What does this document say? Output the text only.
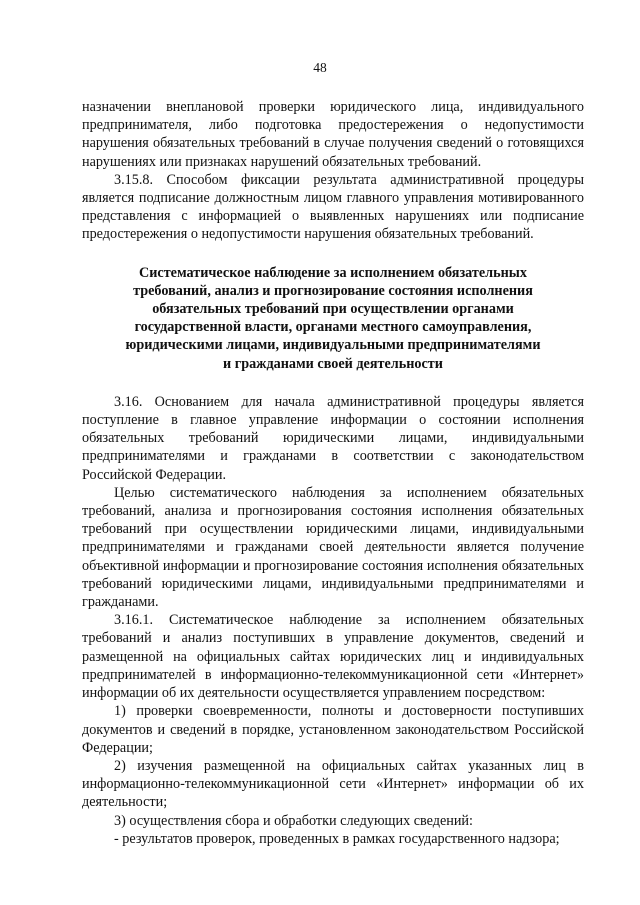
48

назначении внеплановой проверки юридического лица, индивидуального предпринимателя, либо подготовка предостережения о недопустимости нарушения обязательных требований в случае получения сведений о готовящихся нарушениях или признаках нарушений обязательных требований.

3.15.8. Способом фиксации результата административной процедуры является подписание должностным лицом главного управления мотивированного представления с информацией о выявленных нарушениях или подписание предостережения о недопустимости нарушения обязательных требований.

Систематическое наблюдение за исполнением обязательных
требований, анализ и прогнозирование состояния исполнения
обязательных требований при осуществлении органами
государственной власти, органами местного самоуправления,
юридическими лицами, индивидуальными предпринимателями
и гражданами своей деятельности

3.16. Основанием для начала административной процедуры является поступление в главное управление информации о состоянии исполнения обязательных требований юридическими лицами, индивидуальными предпринимателями и гражданами в соответствии с законодательством Российской Федерации.

Целью систематического наблюдения за исполнением обязательных требований, анализа и прогнозирования состояния исполнения обязательных требований при осуществлении юридическими лицами, индивидуальными предпринимателями и гражданами своей деятельности является получение объективной информации и прогнозирование состояния исполнения обязательных требований юридическими лицами, индивидуальными предпринимателями и гражданами.

3.16.1. Систематическое наблюдение за исполнением обязательных требований и анализ поступивших в управление документов, сведений и размещенной на официальных сайтах юридических лиц и индивидуальных предпринимателей в информационно-телекоммуникационной сети «Интернет» информации об их деятельности осуществляется управлением посредством:

1) проверки своевременности, полноты и достоверности поступивших документов и сведений в порядке, установленном законодательством Российской Федерации;

2) изучения размещенной на официальных сайтах указанных лиц в информационно-телекоммуникационной сети «Интернет» информации об их деятельности;

3) осуществления сбора и обработки следующих сведений:

- результатов проверок, проведенных в рамках государственного надзора;
